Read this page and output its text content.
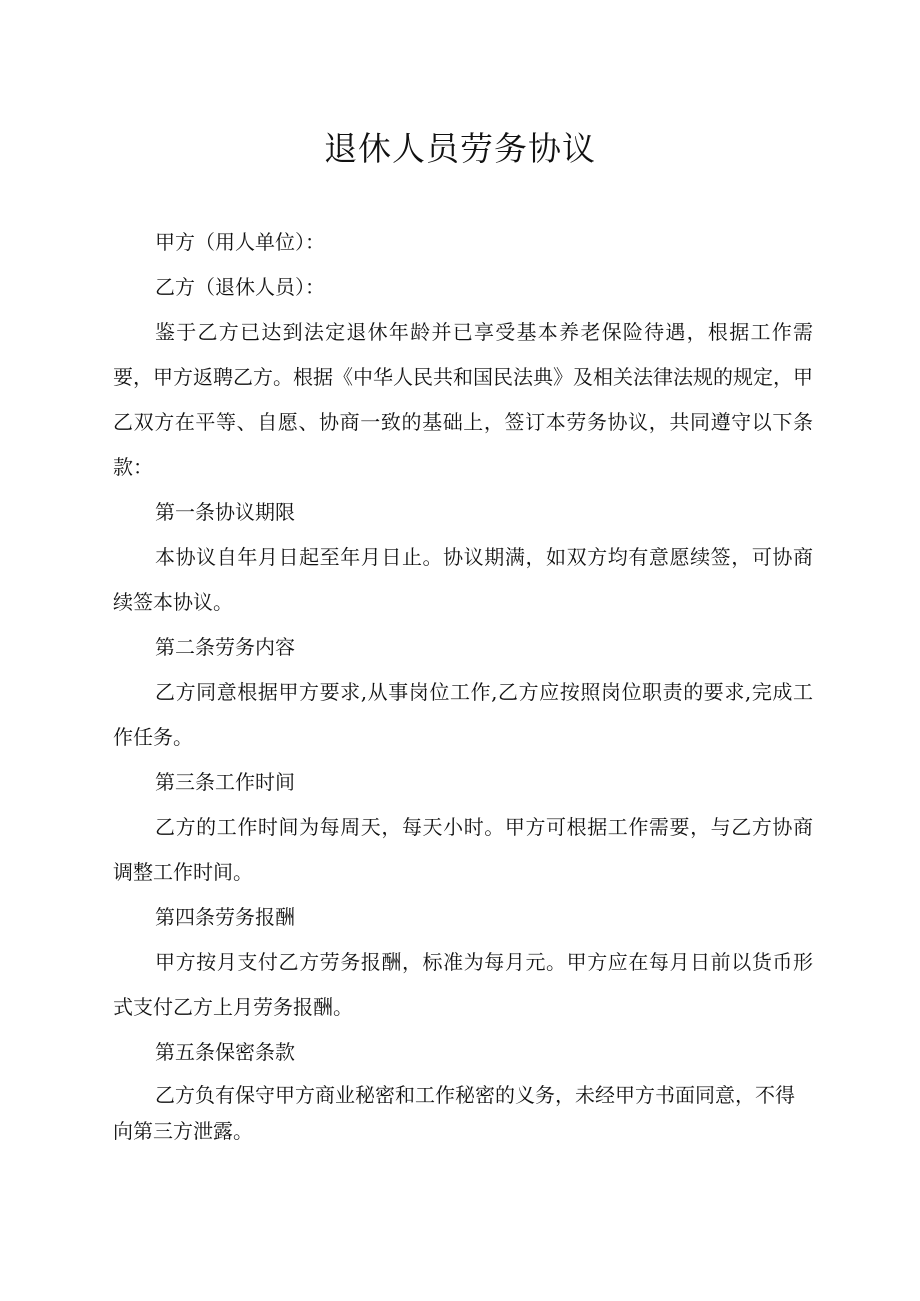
退休人员劳务协议

甲方（用人单位）：

乙方（退休人员）：

鉴于乙方已达到法定退休年龄并已享受基本养老保险待遇，根据工作需要，甲方返聘乙方。根据《中华人民共和国民法典》及相关法律法规的规定，甲乙双方在平等、自愿、协商一致的基础上，签订本劳务协议，共同遵守以下条款：

第一条协议期限

本协议自年月日起至年月日止。协议期满，如双方均有意愿续签，可协商续签本协议。

第二条劳务内容

乙方同意根据甲方要求,从事岗位工作,乙方应按照岗位职责的要求,完成工作任务。

第三条工作时间

乙方的工作时间为每周天，每天小时。甲方可根据工作需要，与乙方协商调整工作时间。

第四条劳务报酬

甲方按月支付乙方劳务报酬，标准为每月元。甲方应在每月日前以货币形式支付乙方上月劳务报酬。

第五条保密条款

乙方负有保守甲方商业秘密和工作秘密的义务，未经甲方书面同意，不得向第三方泄露。
